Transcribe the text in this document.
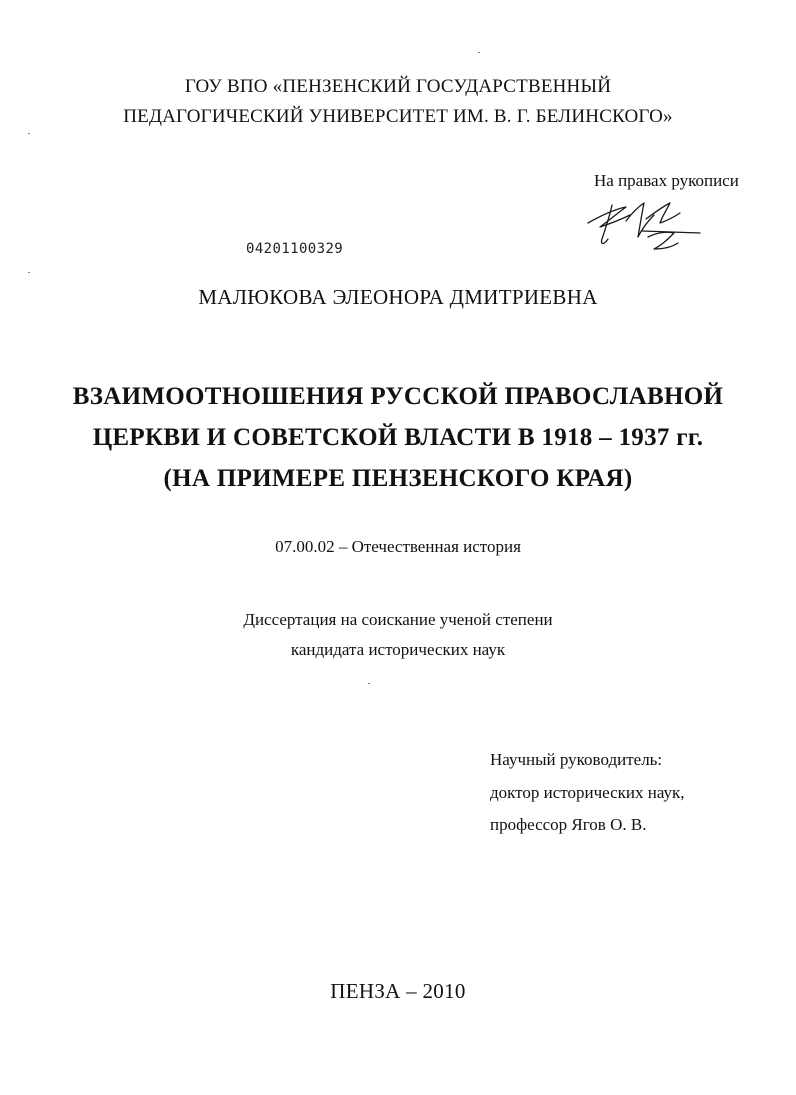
ГОУ ВПО «ПЕНЗЕНСКИЙ ГОСУДАРСТВЕННЫЙ
ПЕДАГОГИЧЕСКИЙ УНИВЕРСИТЕТ ИМ. В. Г. БЕЛИНСКОГО»
На правах рукописи
04201100329
МАЛЮКОВА ЭЛЕОНОРА ДМИТРИЕВНА
ВЗАИМООТНОШЕНИЯ РУССКОЙ ПРАВОСЛАВНОЙ
ЦЕРКВИ И СОВЕТСКОЙ ВЛАСТИ В 1918 – 1937 гг.
(НА ПРИМЕРЕ ПЕНЗЕНСКОГО КРАЯ)
07.00.02 – Отечественная история
Диссертация на соискание ученой степени
кандидата исторических наук
Научный руководитель:
доктор исторических наук,
профессор Ягов О. В.
ПЕНЗА – 2010
